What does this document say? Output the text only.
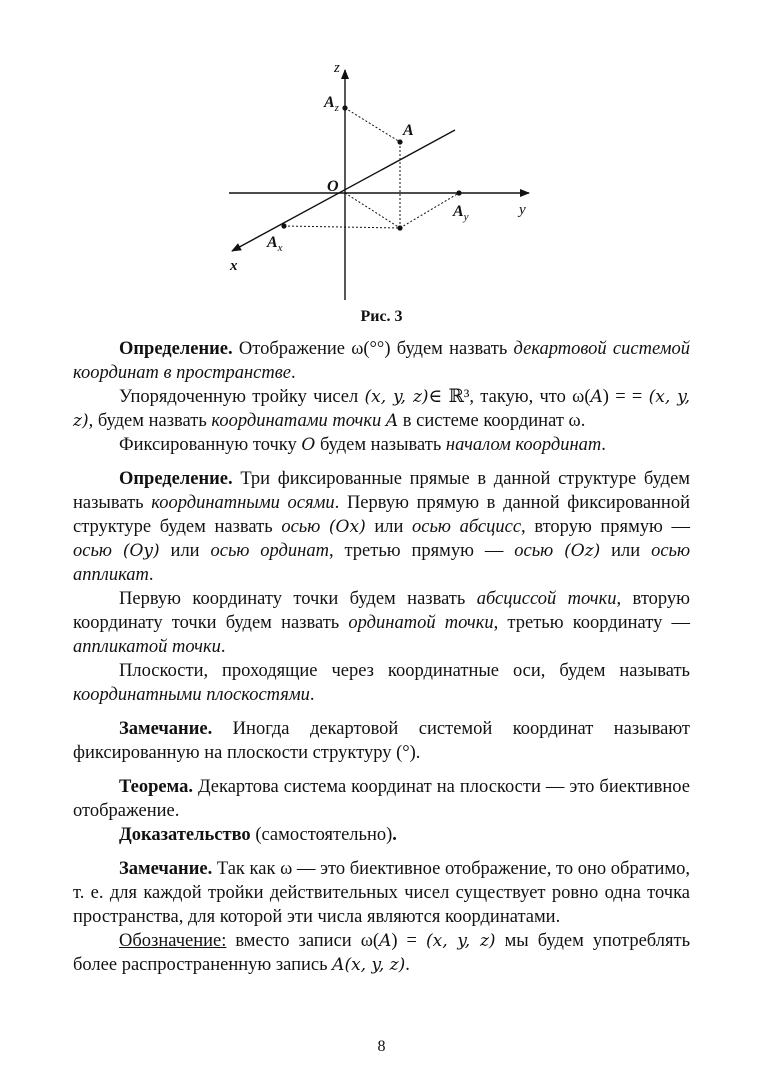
z
y
x
O
A
$A_z$
$A_y$
$A_x$
Рис. 3

Определение. Отображение ω(°°) будем назвать декартовой системой координат в пространстве.

Упорядоченную тройку чисел (x, y, z)∈ ℝ³, такую, что ω(A) = = (x, y, z), будем назвать координатами точки A в системе координат ω.

Фиксированную точку O будем называть началом координат.

Определение. Три фиксированные прямые в данной структуре будем называть координатными осями. Первую прямую в данной фиксированной структуре будем назвать осью (Ox) или осью абсцисс, вторую прямую — осью (Oy) или осью ординат, третью прямую — осью (Oz) или осью аппликат.

Первую координату точки будем назвать абсциссой точки, вторую координату точки будем назвать ординатой точки, третью координату — аппликатой точки.

Плоскости, проходящие через координатные оси, будем называть координатными плоскостями.

Замечание. Иногда декартовой системой координат называют фиксированную на плоскости структуру (°).

Теорема. Декартова система координат на плоскости — это биективное отображение.

Доказательство (самостоятельно).

Замечание. Так как ω — это биективное отображение, то оно обратимо, т. е. для каждой тройки действительных чисел существует ровно одна точка пространства, для которой эти числа являются координатами.

Обозначение: вместо записи ω(A) = (x, y, z) мы будем употреблять более распространенную запись A(x, y, z).

8
